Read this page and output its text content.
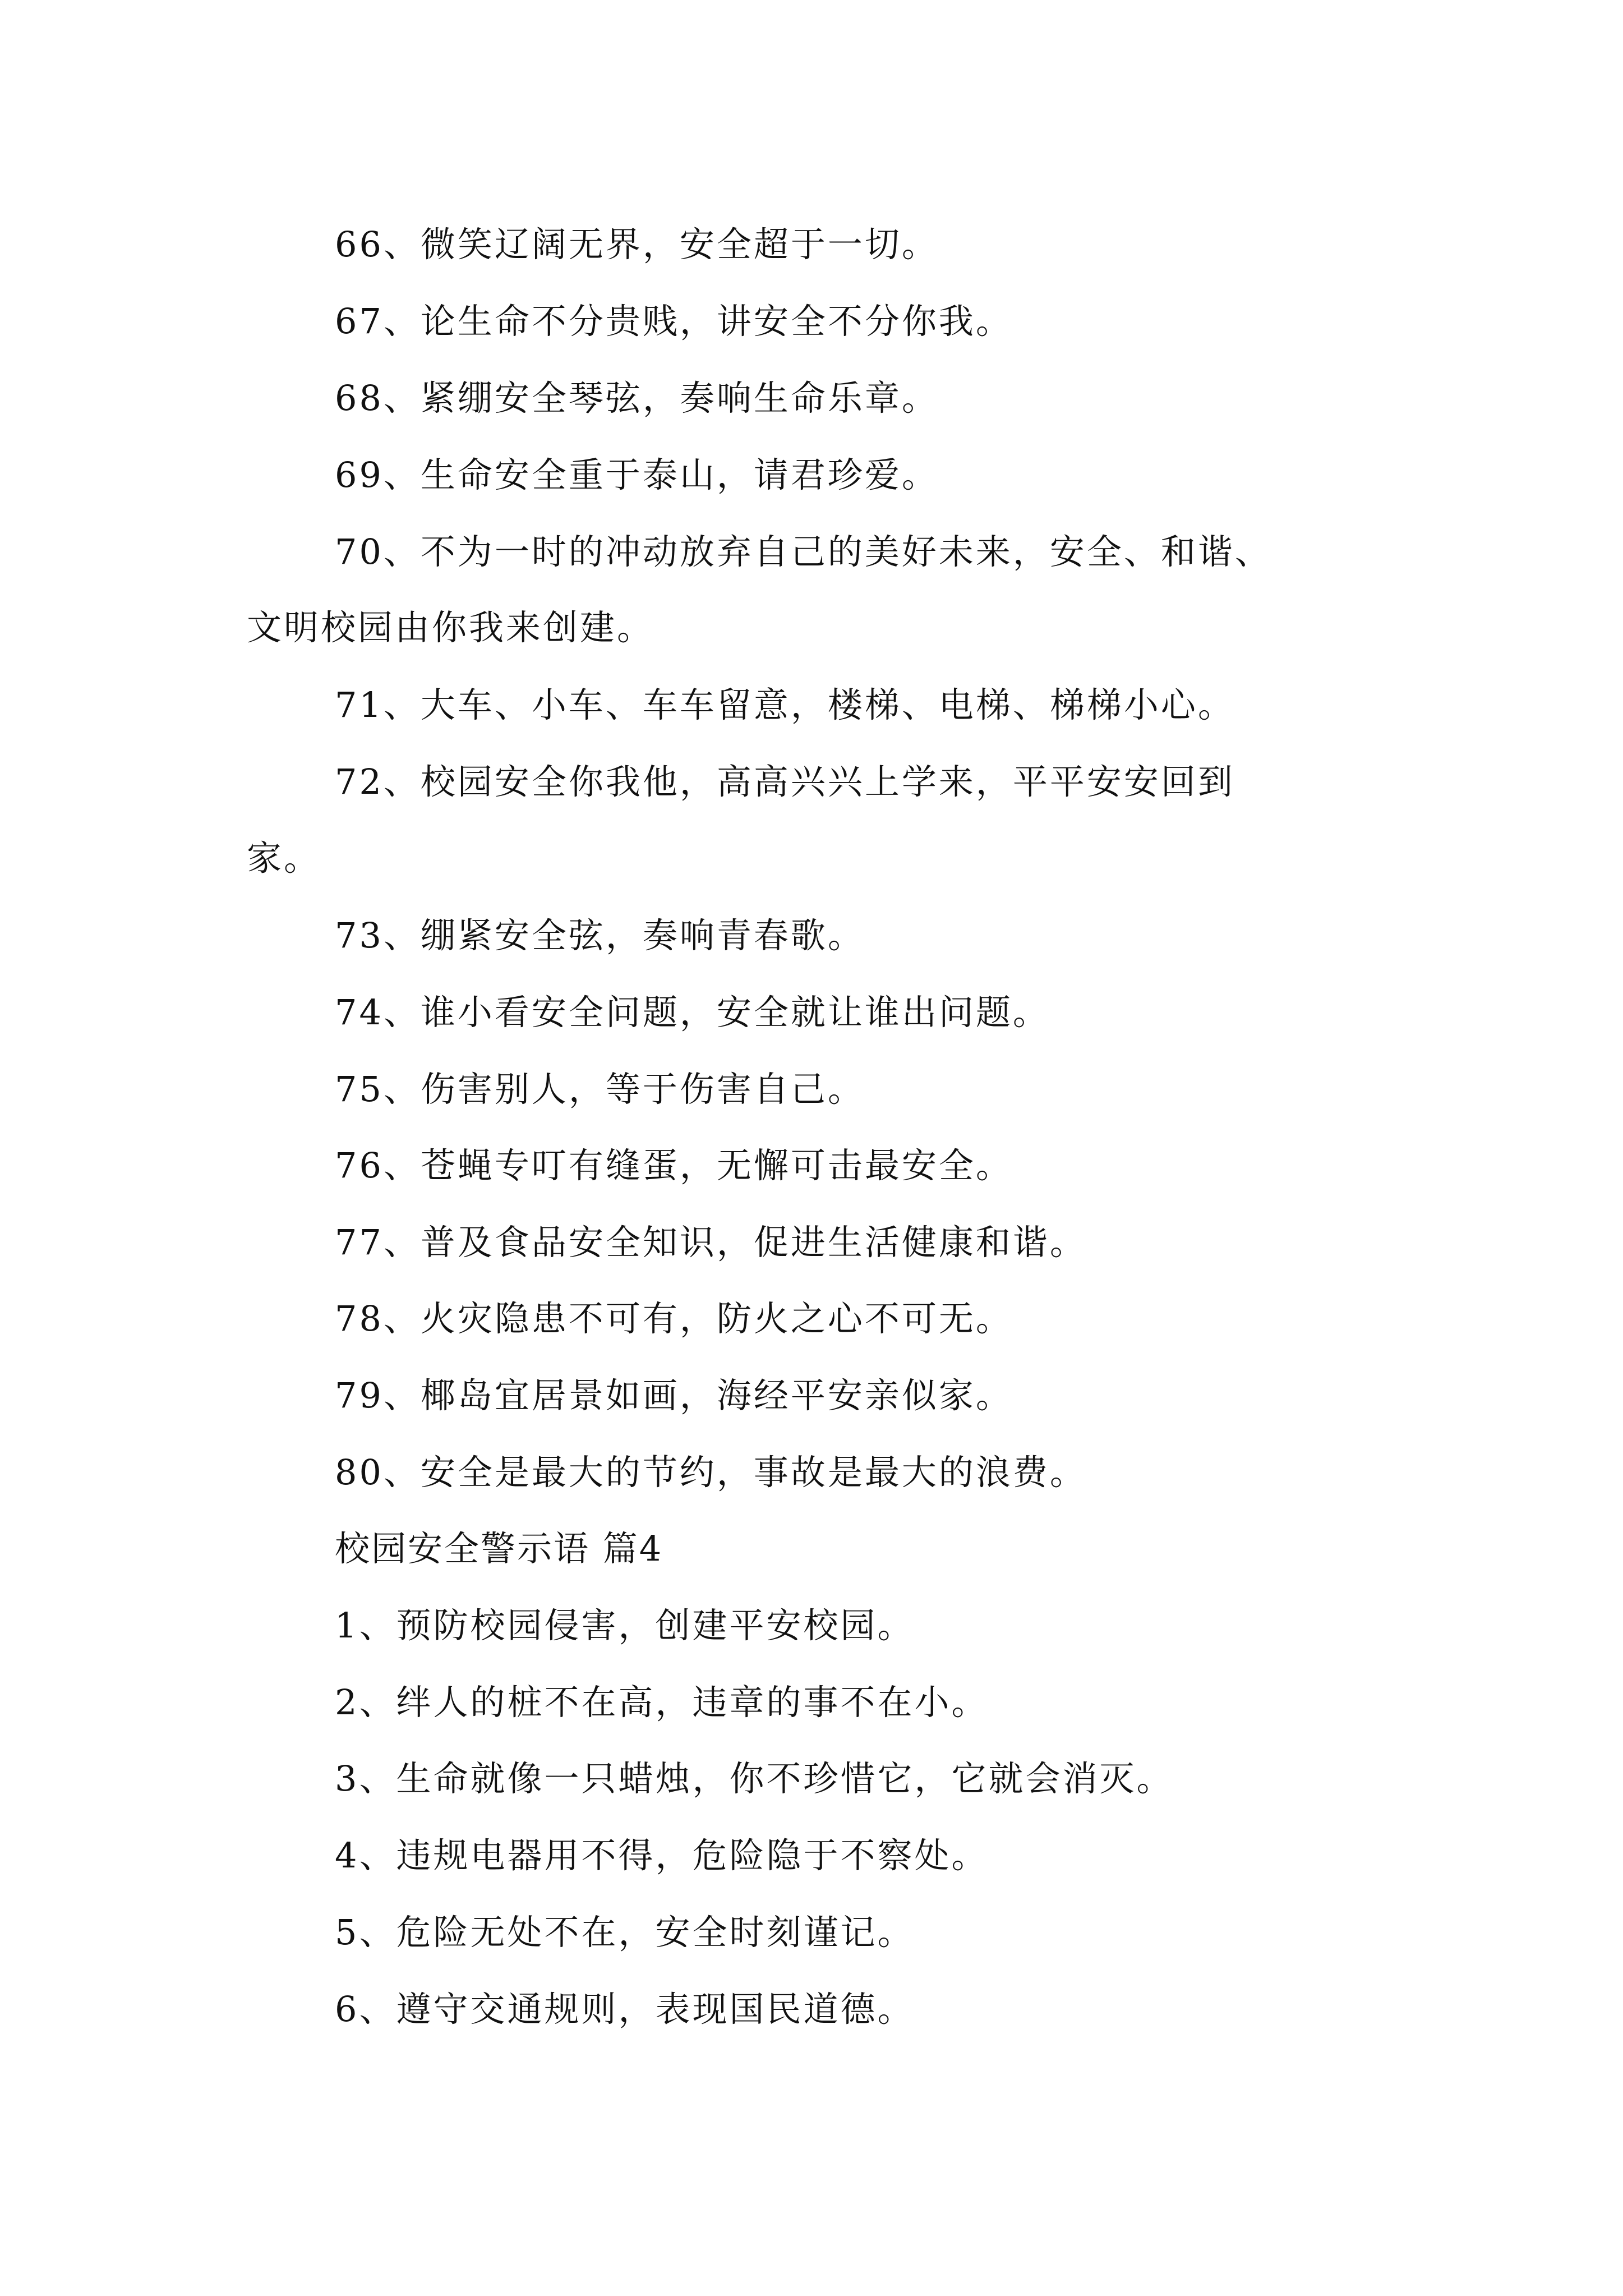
66、微笑辽阔无界，安全超于一切。
67、论生命不分贵贱，讲安全不分你我。
68、紧绷安全琴弦，奏响生命乐章。
69、生命安全重于泰山，请君珍爱。
70、不为一时的冲动放弃自己的美好未来，安全、和谐、
文明校园由你我来创建。
71、大车、小车、车车留意，楼梯、电梯、梯梯小心。
72、校园安全你我他，高高兴兴上学来，平平安安回到
家。
73、绷紧安全弦，奏响青春歌。
74、谁小看安全问题，安全就让谁出问题。
75、伤害别人，等于伤害自己。
76、苍蝇专叮有缝蛋，无懈可击最安全。
77、普及食品安全知识，促进生活健康和谐。
78、火灾隐患不可有，防火之心不可无。
79、椰岛宜居景如画，海经平安亲似家。
80、安全是最大的节约，事故是最大的浪费。
校园安全警示语 篇4
1、预防校园侵害，创建平安校园。
2、绊人的桩不在高，违章的事不在小。
3、生命就像一只蜡烛，你不珍惜它，它就会消灭。
4、违规电器用不得，危险隐于不察处。
5、危险无处不在，安全时刻谨记。
6、遵守交通规则，表现国民道德。
